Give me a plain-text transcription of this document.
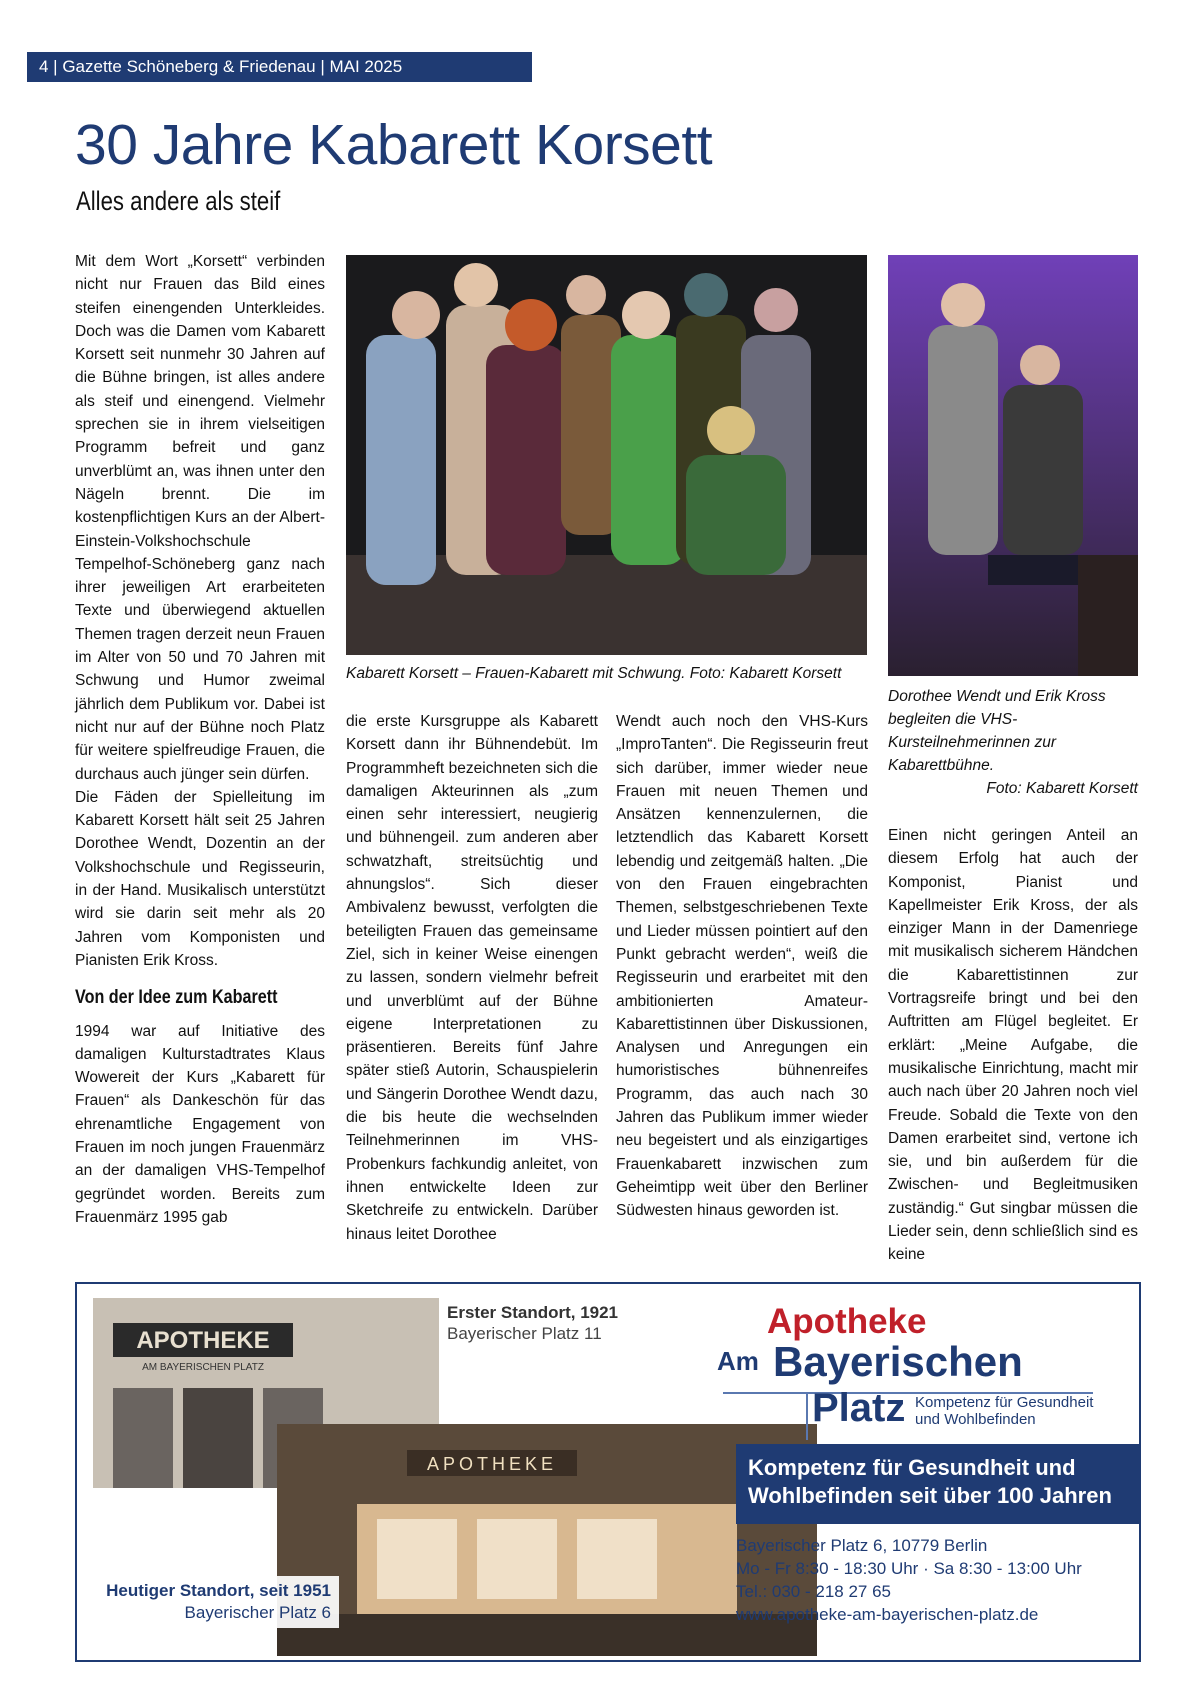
4 | Gazette Schöneberg & Friedenau | MAI 2025
30 Jahre Kabarett Korsett
Alles andere als steif

Mit dem Wort „Korsett“ verbinden nicht nur Frauen das Bild eines steifen einengenden Unterkleides. Doch was die Damen vom Kabarett Korsett seit nunmehr 30 Jahren auf die Bühne bringen, ist alles andere als steif und einengend. Vielmehr sprechen sie in ihrem vielseitigen Programm befreit und ganz unverblümt an, was ihnen unter den Nägeln brennt. Die im kostenpflichtigen Kurs an der Albert-Einstein-Volkshochschule Tempelhof-Schöneberg ganz nach ihrer jeweiligen Art erarbeiteten Texte und überwiegend aktuellen Themen tragen derzeit neun Frauen im Alter von 50 und 70 Jahren mit Schwung und Humor zweimal jährlich dem Publikum vor. Dabei ist nicht nur auf der Bühne noch Platz für weitere spielfreudige Frauen, die durchaus auch jünger sein dürfen.

Die Fäden der Spielleitung im Kabarett Korsett hält seit 25 Jahren Dorothee Wendt, Dozentin an der Volkshochschule und Regisseurin, in der Hand. Musikalisch unterstützt wird sie darin seit mehr als 20 Jahren vom Komponisten und Pianisten Erik Kross.

Von der Idee zum Kabarett

1994 war auf Initiative des damaligen Kulturstadtrates Klaus Wowereit der Kurs „Kabarett für Frauen“ als Dankeschön für das ehrenamtliche Engagement von Frauen im noch jungen Frauenmärz an der damaligen VHS-Tempelhof gegründet worden. Bereits zum Frauenmärz 1995 gab

Kabarett Korsett – Frauen-Kabarett mit Schwung. Foto: Kabarett Korsett
Dorothee Wendt und Erik Kross begleiten die VHS-Kursteilnehmerinnen zur Kabarettbühne.
Foto: Kabarett Korsett

die erste Kursgruppe als Kabarett Korsett dann ihr Bühnendebüt. Im Programmheft bezeichneten sich die damaligen Akteurinnen als „zum einen sehr interessiert, neugierig und bühnengeil. zum anderen aber schwatzhaft, streitsüchtig und ahnungslos“. Sich dieser Ambivalenz bewusst, verfolgten die beteiligten Frauen das gemeinsame Ziel, sich in keiner Weise einengen zu lassen, sondern vielmehr befreit und unverblümt auf der Bühne eigene Interpretationen zu präsentieren. Bereits fünf Jahre später stieß Autorin, Schauspielerin und Sängerin Dorothee Wendt dazu, die bis heute die wechselnden Teilnehmerinnen im VHS-Probenkurs fachkundig anleitet, von ihnen entwickelte Ideen zur Sketchreife zu entwickeln. Darüber hinaus leitet Dorothee

Wendt auch noch den VHS-Kurs „ImproTanten“. Die Regisseurin freut sich darüber, immer wieder neue Frauen mit neuen Themen und Ansätzen kennenzulernen, die letztendlich das Kabarett Korsett lebendig und zeitgemäß halten. „Die von den Frauen eingebrachten Themen, selbstgeschriebenen Texte und Lieder müssen pointiert auf den Punkt gebracht werden“, weiß die Regisseurin und erarbeitet mit den ambitionierten Amateur-Kabarettistinnen über Diskussionen, Analysen und Anregungen ein humoristisches bühnenreifes Programm, das auch nach 30 Jahren das Publikum immer wieder neu begeistert und als einzigartiges Frauenkabarett inzwischen zum Geheimtipp weit über den Berliner Südwesten hinaus geworden ist.

Einen nicht geringen Anteil an diesem Erfolg hat auch der Komponist, Pianist und Kapellmeister Erik Kross, der als einziger Mann in der Damenriege mit musikalisch sicherem Händchen die Kabarettistinnen zur Vortragsreife bringt und bei den Auftritten am Flügel begleitet. Er erklärt: „Meine Aufgabe, die musikalische Einrichtung, macht mir auch nach über 20 Jahren noch viel Freude. Sobald die Texte von den Damen erarbeitet sind, vertone ich sie, und bin außerdem für die Zwischen- und Begleitmusiken zuständig.“ Gut singbar müssen die Lieder sein, denn schließlich sind es keine

APOTHEKE
AM BAYERISCHEN PLATZ
APOTHEKE
Erster Standort, 1921
Bayerischer Platz 11
Heutiger Standort, seit 1951
Bayerischer Platz 6
Apotheke
Am Bayerischen
Platz Kompetenz für Gesundheit
und Wohlbefinden
Kompetenz für Gesundheit und
Wohlbefinden seit über 100 Jahren
Bayerischer Platz 6, 10779 Berlin
Mo - Fr 8:30 - 18:30 Uhr · Sa 8:30 - 13:00 Uhr
Tel.: 030 - 218 27 65
www.apotheke-am-bayerischen-platz.de
